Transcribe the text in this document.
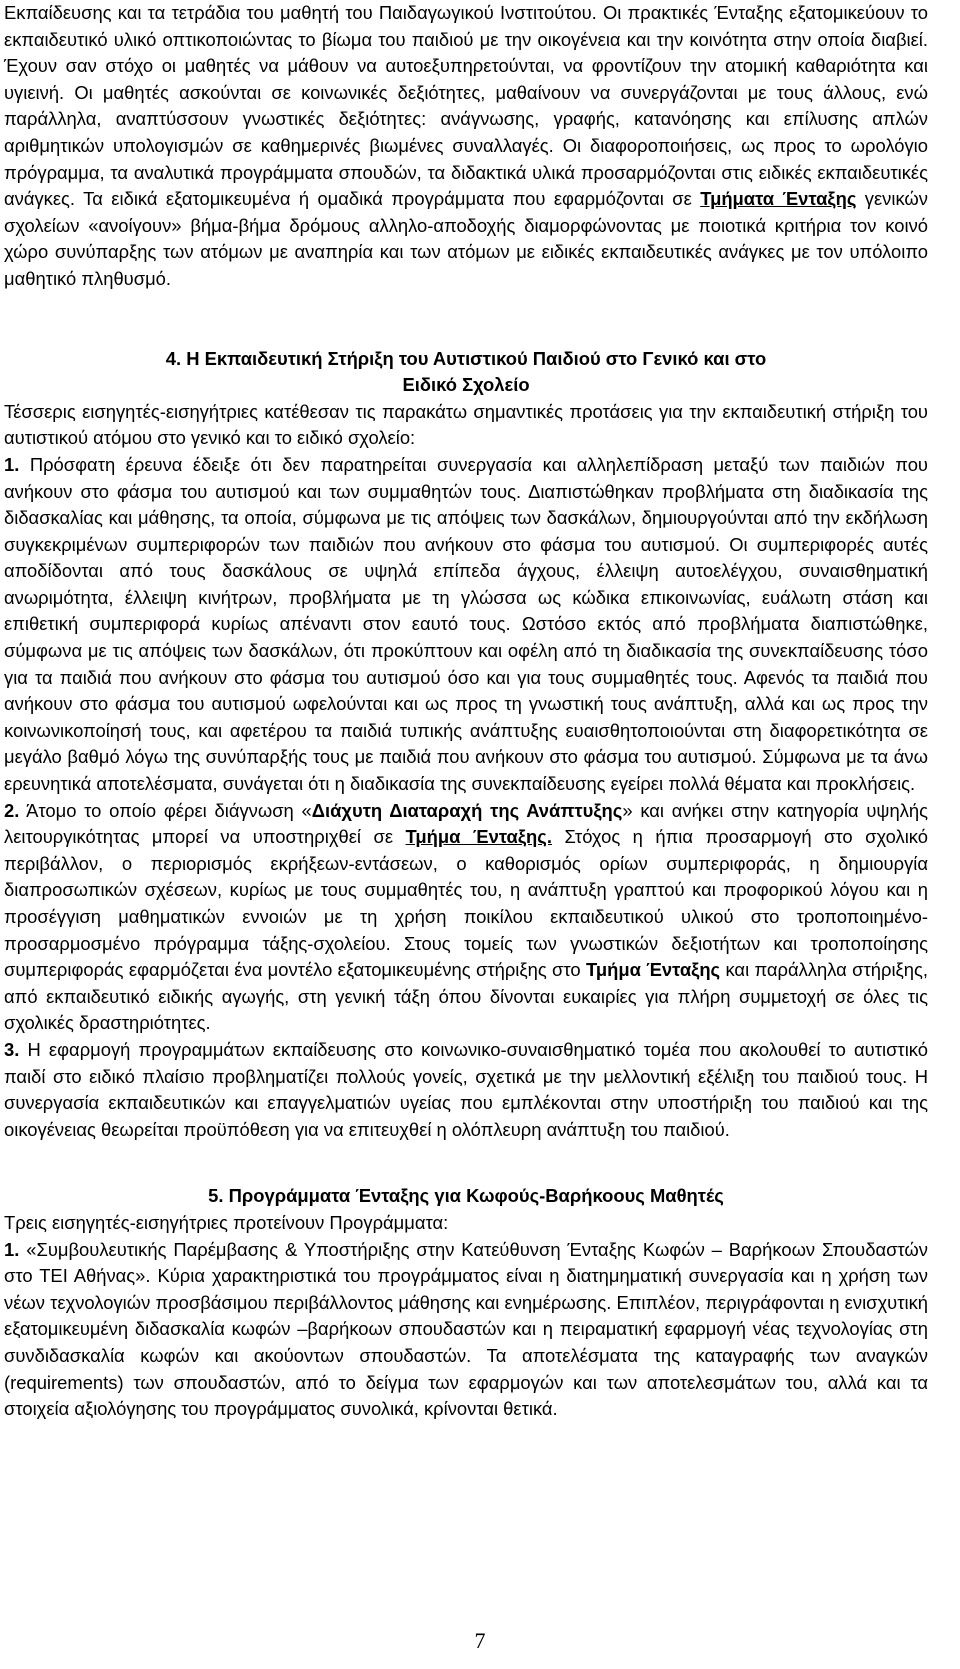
Εκπαίδευσης και τα τετράδια του μαθητή του Παιδαγωγικού Ινστιτούτου. Οι πρακτικές Ένταξης εξατομικεύουν το εκπαιδευτικό υλικό οπτικοποιώντας το βίωμα του παιδιού με την οικογένεια και την κοινότητα στην οποία διαβιεί. Έχουν σαν στόχο οι μαθητές να μάθουν να αυτοεξυπηρετούνται, να φροντίζουν την ατομική καθαριότητα και υγιεινή. Οι μαθητές ασκούνται σε κοινωνικές δεξιότητες, μαθαίνουν να συνεργάζονται με τους άλλους, ενώ παράλληλα, αναπτύσσουν γνωστικές δεξιότητες: ανάγνωσης, γραφής, κατανόησης και επίλυσης απλών αριθμητικών υπολογισμών σε καθημερινές βιωμένες συναλλαγές. Οι διαφοροποιήσεις, ως προς το ωρολόγιο πρόγραμμα, τα αναλυτικά προγράμματα σπουδών, τα διδακτικά υλικά προσαρμόζονται στις ειδικές εκπαιδευτικές ανάγκες. Τα ειδικά εξατομικευμένα ή ομαδικά προγράμματα που εφαρμόζονται σε Τμήματα Ένταξης γενικών σχολείων «ανοίγουν» βήμα-βήμα δρόμους αλληλο-αποδοχής διαμορφώνοντας με ποιοτικά κριτήρια τον κοινό χώρο συνύπαρξης των ατόμων με αναπηρία και των ατόμων με ειδικές εκπαιδευτικές ανάγκες με τον υπόλοιπο μαθητικό πληθυσμό.

4. Η Εκπαιδευτική Στήριξη του Αυτιστικού Παιδιού στο Γενικό και στο
Ειδικό Σχολείο

Τέσσερις εισηγητές-εισηγήτριες κατέθεσαν τις παρακάτω σημαντικές προτάσεις για την εκπαιδευτική στήριξη του αυτιστικού ατόμου στο γενικό και το ειδικό σχολείο:

1. Πρόσφατη έρευνα έδειξε ότι δεν παρατηρείται συνεργασία και αλληλεπίδραση μεταξύ των παιδιών που ανήκουν στο φάσμα του αυτισμού και των συμμαθητών τους. Διαπιστώθηκαν προβλήματα στη διαδικασία της διδασκαλίας και μάθησης, τα οποία, σύμφωνα με τις απόψεις των δασκάλων, δημιουργούνται από την εκδήλωση συγκεκριμένων συμπεριφορών των παιδιών που ανήκουν στο φάσμα του αυτισμού. Οι συμπεριφορές αυτές αποδίδονται από τους δασκάλους σε υψηλά επίπεδα άγχους, έλλειψη αυτοελέγχου, συναισθηματική ανωριμότητα, έλλειψη κινήτρων, προβλήματα με τη γλώσσα ως κώδικα επικοινωνίας, ευάλωτη στάση και επιθετική συμπεριφορά κυρίως απέναντι στον εαυτό τους. Ωστόσο εκτός από προβλήματα διαπιστώθηκε, σύμφωνα με τις απόψεις των δασκάλων, ότι προκύπτουν και οφέλη από τη διαδικασία της συνεκπαίδευσης τόσο για τα παιδιά που ανήκουν στο φάσμα του αυτισμού όσο και για τους συμμαθητές τους. Αφενός τα παιδιά που ανήκουν στο φάσμα του αυτισμού ωφελούνται και ως προς τη γνωστική τους ανάπτυξη, αλλά και ως προς την κοινωνικοποίησή τους, και αφετέρου τα παιδιά τυπικής ανάπτυξης ευαισθητοποιούνται στη διαφορετικότητα σε μεγάλο βαθμό λόγω της συνύπαρξής τους με παιδιά που ανήκουν στο φάσμα του αυτισμού. Σύμφωνα με τα άνω ερευνητικά αποτελέσματα, συνάγεται ότι η διαδικασία της συνεκπαίδευσης εγείρει πολλά θέματα και προκλήσεις.

2. Άτομο το οποίο φέρει διάγνωση «Διάχυτη Διαταραχή της Ανάπτυξης» και ανήκει στην κατηγορία υψηλής λειτουργικότητας μπορεί να υποστηριχθεί σε Τμήμα Ένταξης. Στόχος η ήπια προσαρμογή στο σχολικό περιβάλλον, ο περιορισμός εκρήξεων-εντάσεων, ο καθορισμός ορίων συμπεριφοράς, η δημιουργία διαπροσωπικών σχέσεων, κυρίως με τους συμμαθητές του, η ανάπτυξη γραπτού και προφορικού λόγου και η προσέγγιση μαθηματικών εννοιών με τη χρήση ποικίλου εκπαιδευτικού υλικού στο τροποποιημένο- προσαρμοσμένο πρόγραμμα τάξης-σχολείου. Στους τομείς των γνωστικών δεξιοτήτων και τροποποίησης συμπεριφοράς εφαρμόζεται ένα μοντέλο εξατομικευμένης στήριξης στο Τμήμα Ένταξης και παράλληλα στήριξης, από εκπαιδευτικό ειδικής αγωγής, στη γενική τάξη όπου δίνονται ευκαιρίες για πλήρη συμμετοχή σε όλες τις σχολικές δραστηριότητες.

3. Η εφαρμογή προγραμμάτων εκπαίδευσης στο κοινωνικο-συναισθηματικό τομέα που ακολουθεί το αυτιστικό παιδί στο ειδικό πλαίσιο προβληματίζει πολλούς γονείς, σχετικά με την μελλοντική εξέλιξη του παιδιού τους. Η συνεργασία εκπαιδευτικών και επαγγελματιών υγείας που εμπλέκονται στην υποστήριξη του παιδιού και της οικογένειας θεωρείται προϋπόθεση για να επιτευχθεί η ολόπλευρη ανάπτυξη του παιδιού.

5. Προγράμματα Ένταξης για Κωφούς-Βαρήκοους Μαθητές

Τρεις εισηγητές-εισηγήτριες προτείνουν Προγράμματα:

1. «Συμβουλευτικής Παρέμβασης & Υποστήριξης στην Κατεύθυνση Ένταξης Κωφών – Βαρήκοων Σπουδαστών στο ΤΕΙ Αθήνας». Κύρια χαρακτηριστικά του προγράμματος είναι η διατημηματική συνεργασία και η χρήση των νέων τεχνολογιών προσβάσιμου περιβάλλοντος μάθησης και ενημέρωσης. Επιπλέον, περιγράφονται η ενισχυτική εξατομικευμένη διδασκαλία κωφών –βαρήκοων σπουδαστών και η πειραματική εφαρμογή νέας τεχνολογίας στη συνδιδασκαλία κωφών και ακούοντων σπουδαστών. Τα αποτελέσματα της καταγραφής των αναγκών (requirements) των σπουδαστών, από το δείγμα των εφαρμογών και των αποτελεσμάτων του, αλλά και τα στοιχεία αξιολόγησης του προγράμματος συνολικά, κρίνονται θετικά.

7
